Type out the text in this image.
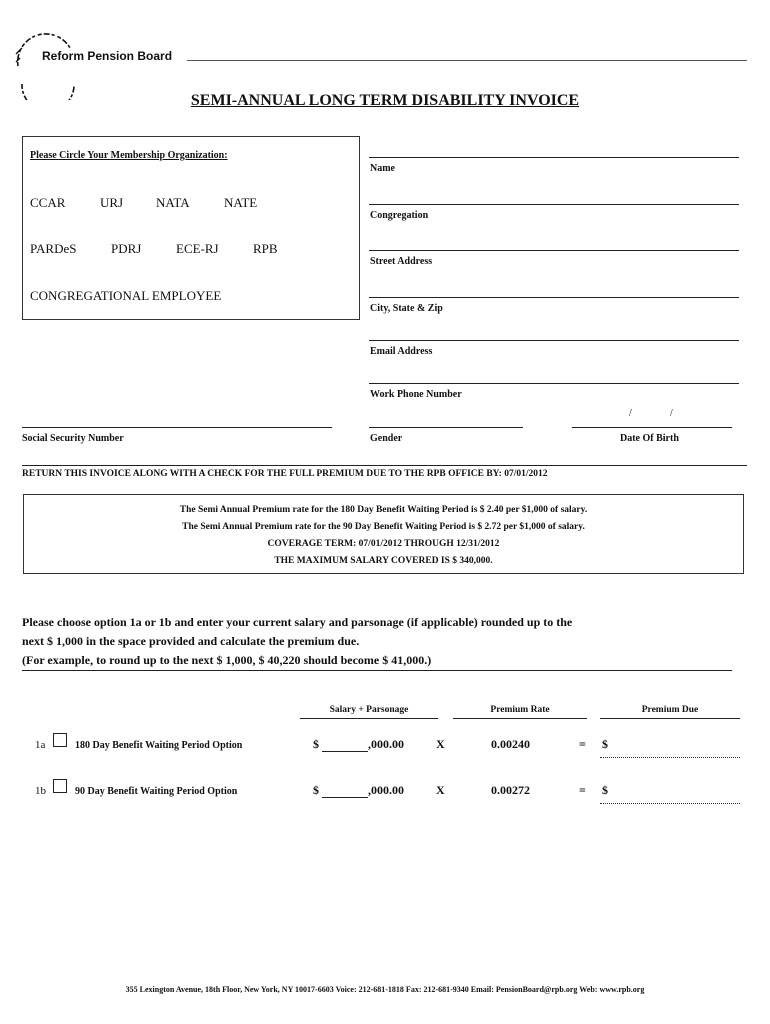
Reform Pension Board
SEMI-ANNUAL LONG TERM DISABILITY INVOICE
Please Circle Your Membership Organization:
CCAR	URJ	NATA	NATE
PARDeS	PDRJ	ECE-RJ	RPB
CONGREGATIONAL EMPLOYEE
Name
Congregation
Street Address
City, State & Zip
Email Address
Work Phone Number
Social Security Number	Gender
/	/
Date Of Birth
RETURN THIS INVOICE ALONG WITH A CHECK FOR THE FULL PREMIUM DUE TO THE RPB OFFICE BY: 07/01/2012
The Semi Annual Premium rate for the 180 Day Benefit Waiting Period is $ 2.40 per $1,000 of salary.
The Semi Annual Premium rate for the 90 Day Benefit Waiting Period is $ 2.72 per $1,000 of salary.
COVERAGE TERM: 07/01/2012 THROUGH 12/31/2012
THE MAXIMUM SALARY COVERED IS $ 340,000.
Please choose option 1a or 1b and enter your current salary and parsonage (if applicable) rounded up to the
next $ 1,000 in the space provided and calculate the premium due.
(For example, to round up to the next $ 1,000, $ 40,220 should become $ 41,000.)
Salary + Parsonage	Premium Rate	Premium Due
1a	180 Day Benefit Waiting Period Option	$	,000.00	X	0.00240	= $
1b	90 Day Benefit Waiting Period Option	$	,000.00	X	0.00272	= $
355 Lexington Avenue, 18th Floor, New York, NY 10017-6603 Voice: 212-681-1818 Fax: 212-681-9340 Email: PensionBoard@rpb.org Web: www.rpb.org
